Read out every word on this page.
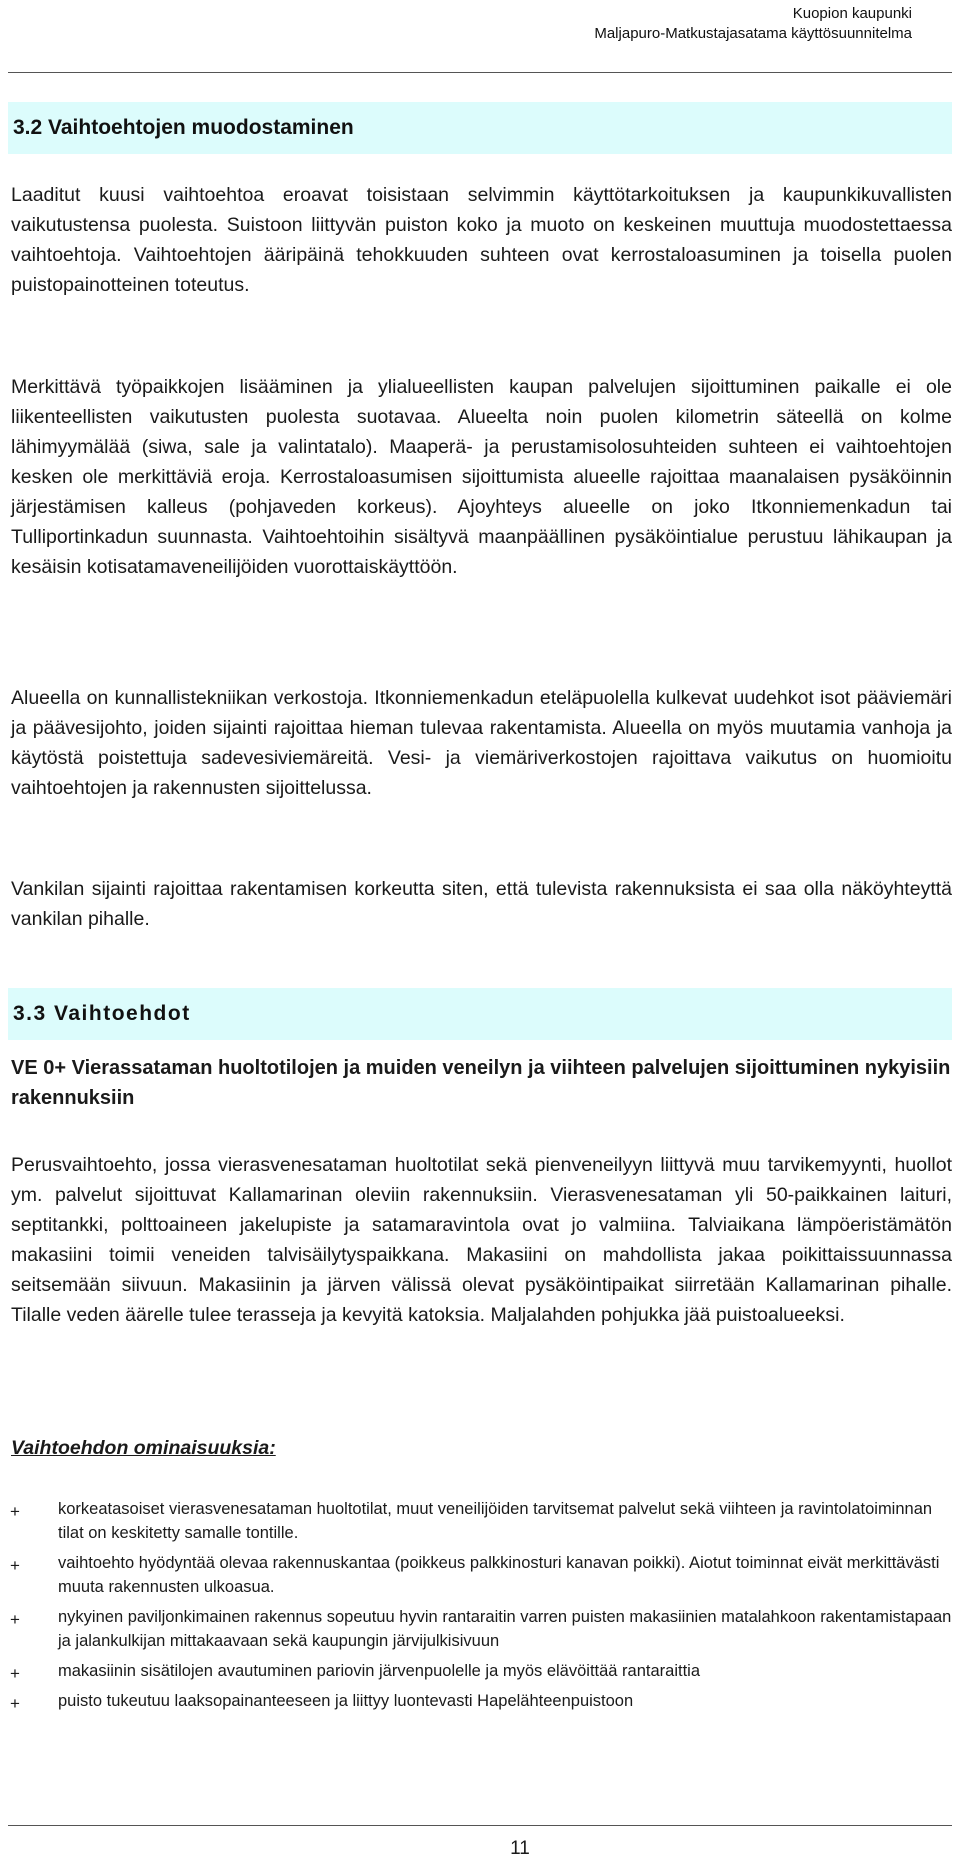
Kuopion kaupunki
Maljapuro-Matkustajasatama käyttösuunnitelma
3.2 Vaihtoehtojen muodostaminen

Laaditut kuusi vaihtoehtoa eroavat toisistaan selvimmin käyttötarkoituksen ja kaupunkikuvallisten vaikutustensa puolesta. Suistoon liittyvän puiston koko ja muoto on keskeinen muuttuja muodostettaessa vaihtoehtoja. Vaihtoehtojen ääripäinä tehokkuuden suhteen ovat kerrostaloasuminen ja toisella puolen puistopainotteinen toteutus.

Merkittävä työpaikkojen lisääminen ja ylialueellisten kaupan palvelujen sijoittuminen paikalle ei ole liikenteellisten vaikutusten puolesta suotavaa. Alueelta noin puolen kilometrin säteellä on kolme lähimyymälää (siwa, sale ja valintatalo). Maaperä- ja perustamisolosuhteiden suhteen ei vaihtoehtojen kesken ole merkittäviä eroja. Kerrostaloasumisen sijoittumista alueelle rajoittaa maanalaisen pysäköinnin järjestämisen kalleus (pohjaveden korkeus). Ajoyhteys alueelle on joko Itkonniemenkadun tai Tulliportinkadun suunnasta. Vaihtoehtoihin sisältyvä maanpäällinen pysäköintialue perustuu lähikaupan ja kesäisin kotisatamaveneilijöiden vuorottaiskäyttöön.

Alueella on kunnallistekniikan verkostoja. Itkonniemenkadun eteläpuolella kulkevat uudehkot isot pääviemäri ja päävesijohto, joiden sijainti rajoittaa hieman tulevaa rakentamista. Alueella on myös muutamia vanhoja ja käytöstä poistettuja sadevesiviemäreitä. Vesi- ja viemäriverkostojen rajoittava vaikutus on huomioitu vaihtoehtojen ja rakennusten sijoittelussa.

Vankilan sijainti rajoittaa rakentamisen korkeutta siten, että tulevista rakennuksista ei saa olla näköyhteyttä vankilan pihalle.

3.3 Vaihtoehdot

VE 0+ Vierassataman huoltotilojen ja muiden veneilyn ja viihteen palvelujen sijoittuminen nykyisiin rakennuksiin

Perusvaihtoehto, jossa vierasvenesataman huoltotilat sekä pienveneilyyn liittyvä muu tarvikemyynti, huollot ym. palvelut sijoittuvat Kallamarinan oleviin rakennuksiin. Vierasvenesataman yli 50-paikkainen laituri, septitankki, polttoaineen jakelupiste ja satamaravintola ovat jo valmiina. Talviaikana lämpöeristämätön makasiini toimii veneiden talvisäilytyspaikkana. Makasiini on mahdollista jakaa poikittaissuunnassa seitsemään siivuun. Makasiinin ja järven välissä olevat pysäköintipaikat siirretään Kallamarinan pihalle. Tilalle veden äärelle tulee terasseja ja kevyitä katoksia. Maljalahden pohjukka jää puistoalueeksi.

Vaihtoehdon ominaisuuksia:

+ korkeatasoiset vierasvenesataman huoltotilat, muut veneilijöiden tarvitsemat palvelut sekä viihteen ja ravintolatoiminnan tilat on keskitetty samalle tontille.
+ vaihtoehto hyödyntää olevaa rakennuskantaa (poikkeus palkkinosturi kanavan poikki). Aiotut toiminnat eivät merkittävästi muuta rakennusten ulkoasua.
+ nykyinen paviljonkimainen rakennus sopeutuu hyvin rantaraitin varren puisten makasiinien matalahkoon rakentamistapaan ja jalankulkijan mittakaavaan sekä kaupungin järvijulkisivuun
+ makasiinin sisätilojen avautuminen pariovin järvenpuolelle ja myös elävöittää rantaraittia
+ puisto tukeutuu laaksopainanteeseen ja liittyy luontevasti Hapelähteenpuistoon
11
